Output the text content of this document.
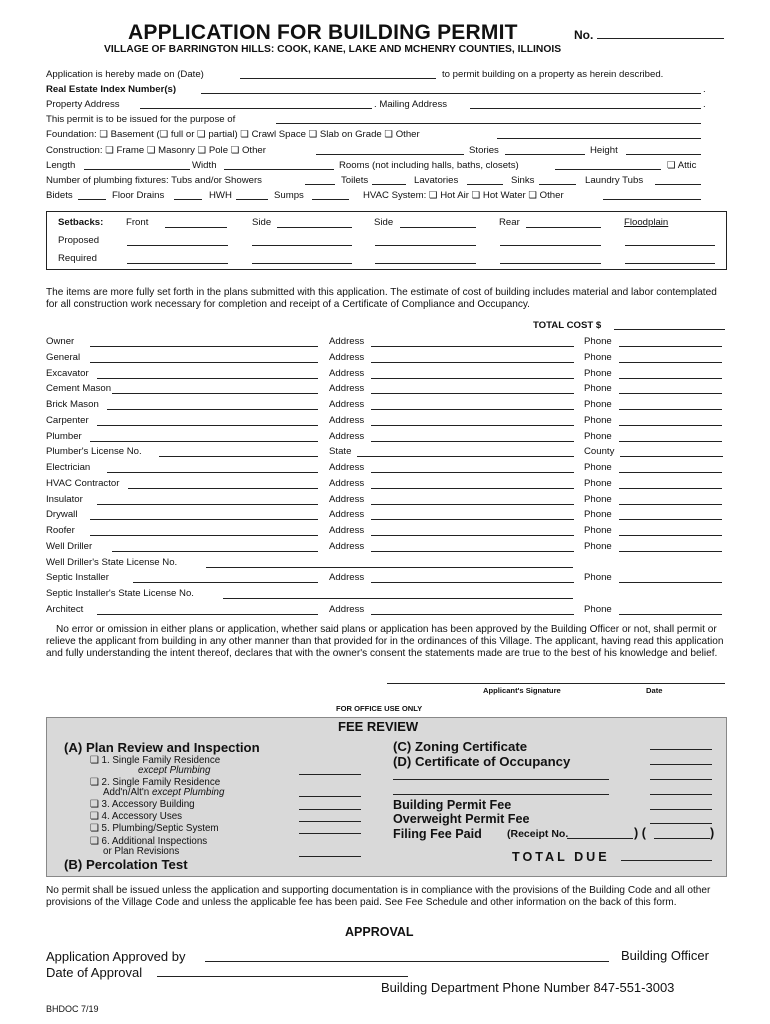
APPLICATION FOR BUILDING PERMIT	No.
VILLAGE OF BARRINGTON HILLS: COOK, KANE, LAKE AND MCHENRY COUNTIES, ILLINOIS
Application is hereby made on (Date)	to permit building on a property as herein described.
Real Estate Index Number(s)	.
Property Address	. Mailing Address	.
This permit is to be issued for the purpose of
Foundation: ❏ Basement (❏ full or ❏ partial) ❏ Crawl Space ❏ Slab on Grade ❏ Other
Construction: ❏ Frame ❏ Masonry ❏ Pole ❏ Other	Stories	Height
Length	Width	Rooms (not including halls, baths, closets)	❏ Attic
Number of plumbing fixtures: Tubs and/or Showers	Toilets	Lavatories	Sinks	Laundry Tubs
Bidets	Floor Drains	HWH	Sumps	HVAC System: ❏ Hot Air ❏ Hot Water ❏ Other
Setbacks: Front	Side	Side	Rear	Floodplain
Proposed
Required
The items are more fully set forth in the plans submitted with this application. The estimate of cost of building includes material and labor contemplated for all construction work necessary for completion and receipt of a Certificate of Compliance and Occupancy.
TOTAL COST $
Owner	Address	Phone
General	Address	Phone
Excavator	Address	Phone
Cement Mason	Address	Phone
Brick Mason	Address	Phone
Carpenter	Address	Phone
Plumber	Address	Phone
Plumber's License No.	State	County
Electrician	Address	Phone
HVAC Contractor	Address	Phone
Insulator	Address	Phone
Drywall	Address	Phone
Roofer	Address	Phone
Well Driller	Address	Phone
Well Driller's State License No.
Septic Installer	Address	Phone
Septic Installer's State License No.
Architect	Address	Phone
No error or omission in either plans or application, whether said plans or application has been approved by the Building Officer or not, shall permit or relieve the applicant from building in any other manner than that provided for in the ordinances of this Village. The applicant, having read this application and fully understanding the intent thereof, declares that with the owner's consent the statements made are true to the best of his knowledge and belief.
Applicant's Signature	Date
FOR OFFICE USE ONLY
FEE REVIEW
(A) Plan Review and Inspection
❏ 1. Single Family Residence
except Plumbing
❏ 2. Single Family Residence
Add'n/Alt'n except Plumbing
❏ 3. Accessory Building
❏ 4. Accessory Uses
❏ 5. Plumbing/Septic System
❏ 6. Additional Inspections
or Plan Revisions
(B) Percolation Test
(C) Zoning Certificate
(D) Certificate of Occupancy
Building Permit Fee
Overweight Permit Fee
Filing Fee Paid (Receipt No.	) (	)
TOTAL DUE
No permit shall be issued unless the application and supporting documentation is in compliance with the provisions of the Building Code and all other provisions of the Village Code and unless the applicable fee has been paid. See Fee Schedule and other information on the back of this form.
APPROVAL
Application Approved by	Building Officer
Date of Approval
Building Department Phone Number 847-551-3003
BHDOC 7/19
